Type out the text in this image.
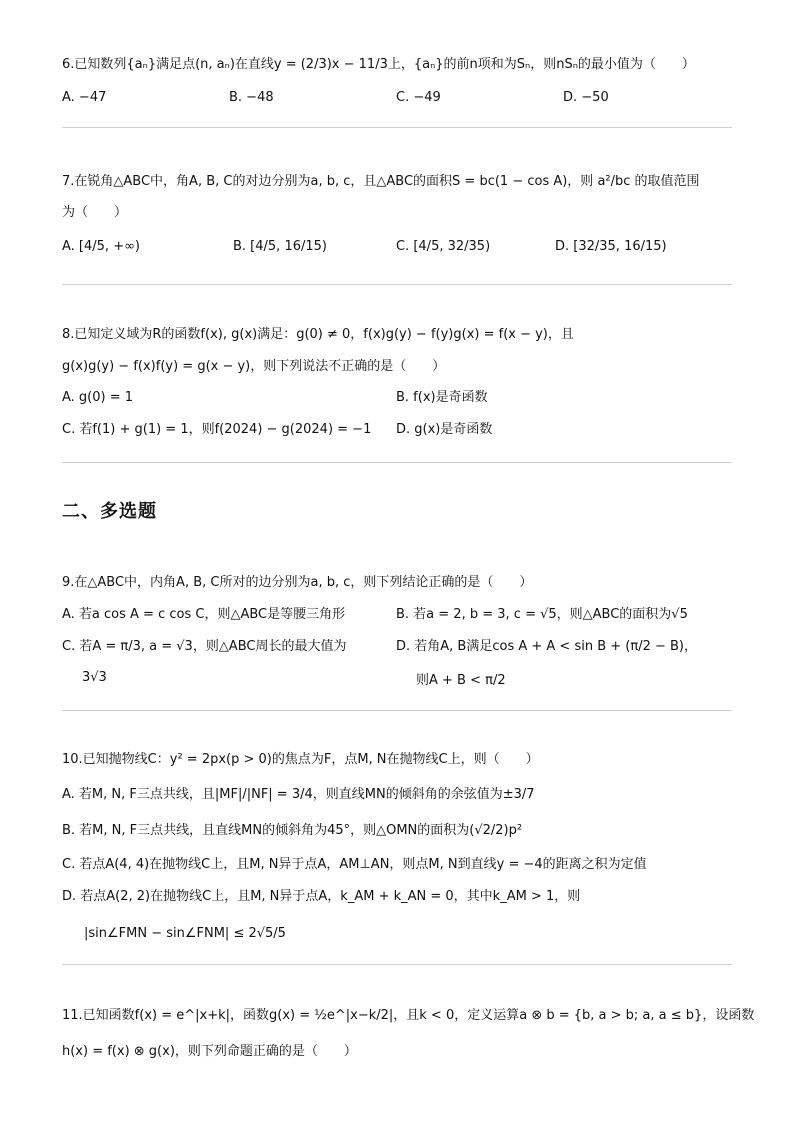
6.已知数列{aₙ}满足点(n, aₙ)在直线y = (2/3)x − 11/3上，{aₙ}的前n项和为Sₙ，则nSₙ的最小值为（　　）
A. −47	B. −48	C. −49	D. −50
7.在锐角△ABC中，角A, B, C的对边分别为a, b, c，且△ABC的面积S = bc(1 − cos A)，则 a²/bc 的取值范围
为（　　）
A. [4/5, +∞)	B. [4/5, 16/15)	C. [4/5, 32/35)	D. [32/35, 16/15)
8.已知定义域为R的函数f(x), g(x)满足：g(0) ≠ 0，f(x)g(y) − f(y)g(x) = f(x − y)，且
g(x)g(y) − f(x)f(y) = g(x − y)，则下列说法不正确的是（　　）
A. g(0) = 1	B. f(x)是奇函数
C. 若f(1) + g(1) = 1，则f(2024) − g(2024) = −1 D. g(x)是奇函数
二、多选题
9.在△ABC中，内角A, B, C所对的边分别为a, b, c，则下列结论正确的是（　　）
A. 若a cos A = c cos C，则△ABC是等腰三角形	B. 若a = 2, b = 3, c = √5，则△ABC的面积为√5
C. 若A = π/3, a = √3，则△ABC周长的最大值为
3√3
D. 若角A, B满足cos A + A < sin B + (π/2 − B)，
则A + B < π/2
10.已知抛物线C：y² = 2px(p > 0)的焦点为F，点M, N在抛物线C上，则（　　）
A. 若M, N, F三点共线，且|MF|/|NF| = 3/4，则直线MN的倾斜角的余弦值为±3/7
B. 若M, N, F三点共线，且直线MN的倾斜角为45°，则△OMN的面积为(√2/2)p²
C. 若点A(4, 4)在抛物线C上，且M, N异于点A，AM⊥AN，则点M, N到直线y = −4的距离之积为定值
D. 若点A(2, 2)在抛物线C上，且M, N异于点A，k_AM + k_AN = 0，其中k_AM > 1，则
|sin∠FMN − sin∠FNM| ≤ 2√5/5
11.已知函数f(x) = e^|x+k|，函数g(x) = ½e^|x−k/2|，且k < 0，定义运算a ⊗ b = {b, a > b; a, a ≤ b}，设函数
h(x) = f(x) ⊗ g(x)，则下列命题正确的是（　　）
